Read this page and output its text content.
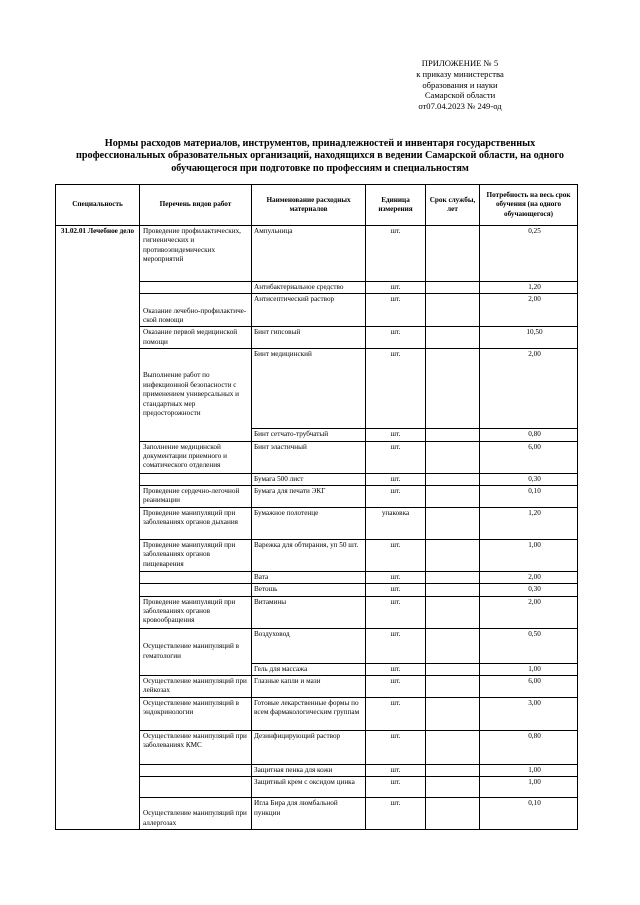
ПРИЛОЖЕНИЕ № 5
к приказу министерства
образования и науки
Самарской области
от07.04.2023 № 249-од
Нормы расходов материалов, инструментов, принадлежностей и инвентаря государственных
профессиональных образовательных организаций, находящихся в ведении Самарской области, на одного
обучающегося при подготовке по профессиям и специальностям
Специальность	Перечень видов работ	Наименование расходных материалов	Единица измерения	Срок службы, лет	Потребность на весь срок обучения (на одного обучающегося)
31.02.01 Лечебное дело	Проведение профилактических, гигиенических и противоэпидемических мероприятий	Ампульница	шт.		0,25
		Антибактериальное средство	шт.		1,20
	Оказание лечебно-профилактиче-ской помощи	Антисептический раствор	шт.		2,00
	Оказание первой медицинской помощи	Бинт гипсовый	шт.		10,50
	Выполнение работ по инфекционной безопасности с применением универсальных и стандартных мер предосторожности	Бинт медицинский	шт.		2,00
		Бинт сетчато-трубчатый	шт.		0,80
	Заполнение медицинской документации приемного и соматического отделения	Бинт эластичный	шт.		6,00
		Бумага 500 лист	шт.		0,30
	Проведение сердечно-легочной реанимации	Бумага для печати ЭКГ	шт.		0,10
	Проведение манипуляций при заболеваниях органов дыхания	Бумажное полотенце	упаковка		1,20
	Проведение манипуляций при заболеваниях органов пищеварения	Варежка для обтирания, уп 50 шт.	шт.		1,00
		Вата	шт.		2,00
		Ветошь	шт.		0,30
	Проведение манипуляций при заболеваниях органов кровообращения	Витамины	шт.		2,00
	Осуществление манипуляций в гематологии	Воздуховод	шт.		0,50
		Гель для массажа	шт.		1,00
	Осуществление манипуляций при лейкозах	Глазные капли и мази	шт.		6,00
	Осуществление манипуляций в эндокринологии	Готовые лекарственные формы по всем фармакологическим группам	шт.		3,00
	Осуществление манипуляций при заболеваниях КМС	Дезинфицирующий раствор	шт.		0,80
		Защитная пенка для кожи	шт.		1,00
		Защитный крем с оксидом цинка	шт.		1,00
	Осуществление манипуляций при аллергозах	Игла Бира для люмбальной пункции	шт.		0,10
